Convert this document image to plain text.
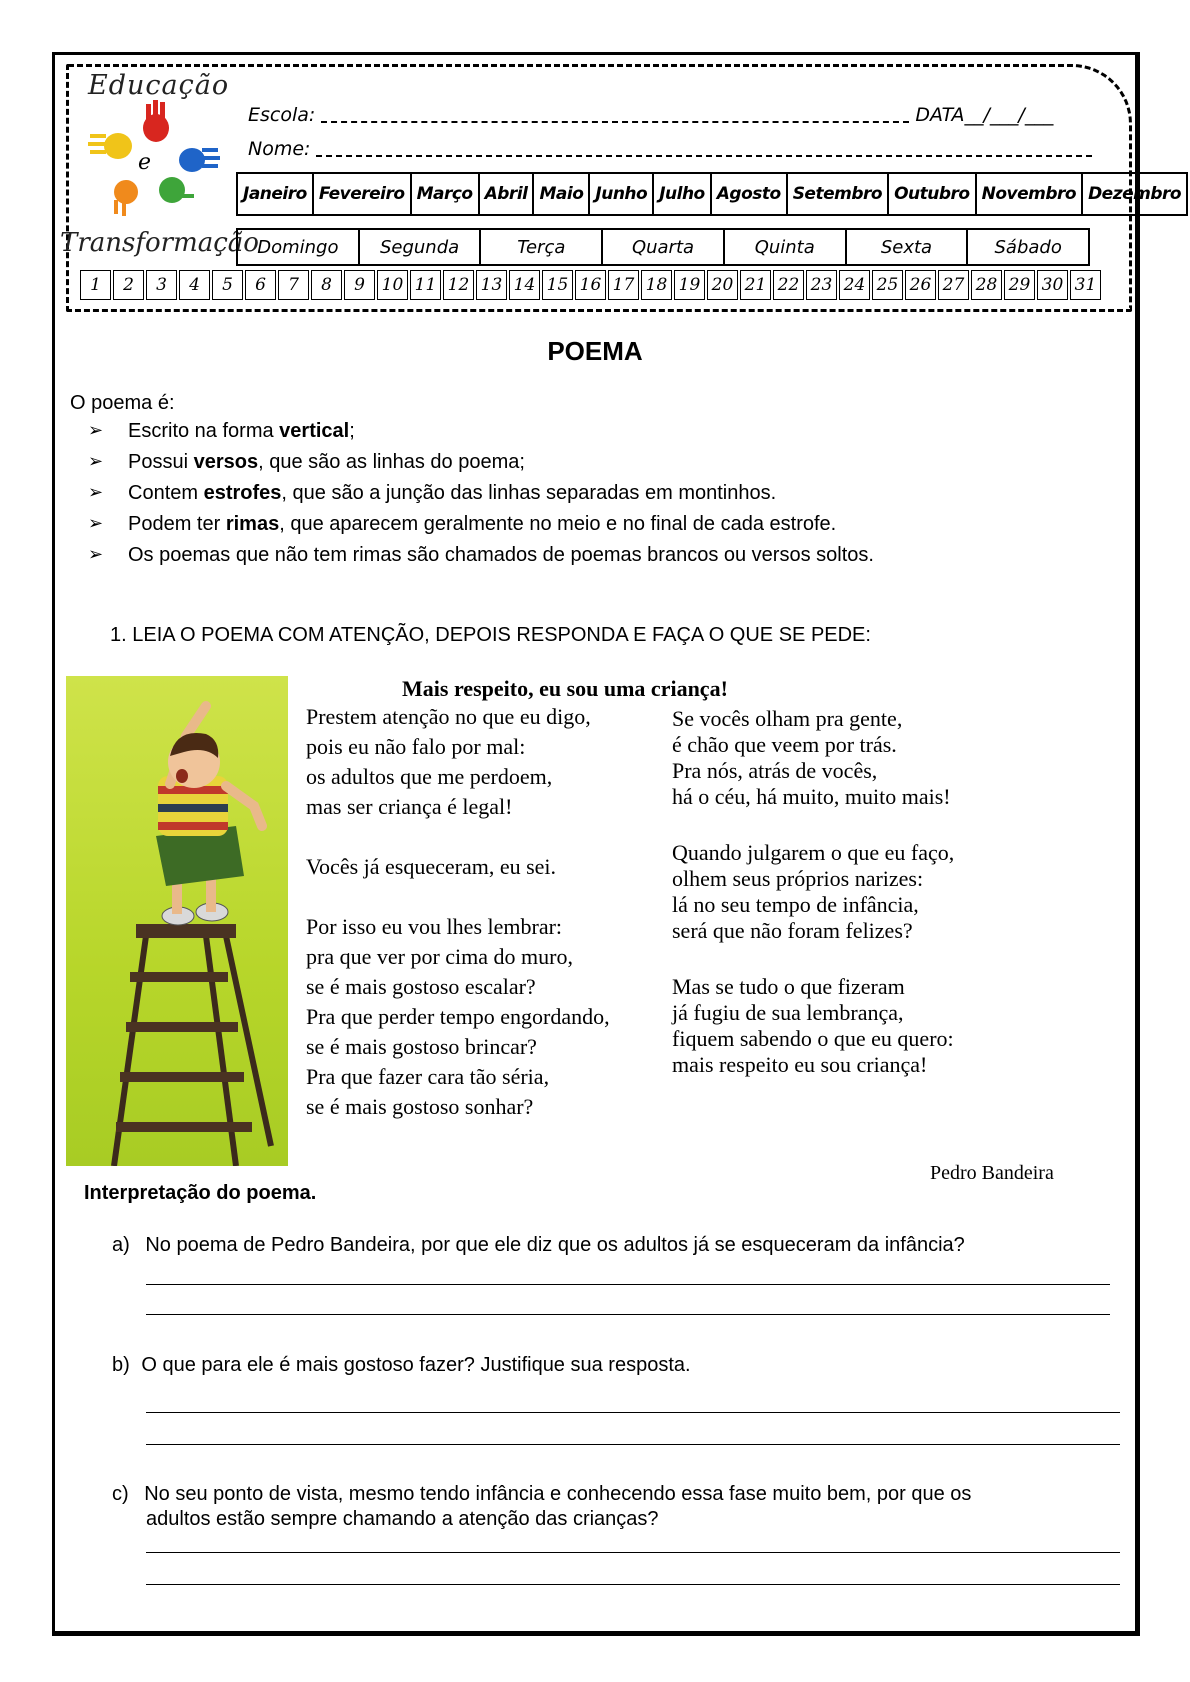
Educação
e
Transformação
Escola:	DATA__/___/___
Nome:
Janeiro Fevereiro Março Abril Maio Junho Julho Agosto Setembro Outubro Novembro Dezembro
Domingo	Segunda	Terça	Quarta	Quinta	Sexta	Sábado
1	2	3	4	5	6	7	8	9 10 11 12 13 14 15 16 17 18 19 20 21 22 23 24 25 26 27 28 29 30 31
POEMA
O poema é:
➢ Escrito na forma vertical;
➢ Possui versos, que são as linhas do poema;
➢ Contem estrofes, que são a junção das linhas separadas em montinhos.
➢ Podem ter rimas, que aparecem geralmente no meio e no final de cada estrofe.
➢ Os poemas que não tem rimas são chamados de poemas brancos ou versos soltos.
1. LEIA O POEMA COM ATENÇÃO, DEPOIS RESPONDA E FAÇA O QUE SE PEDE:
Mais respeito, eu sou uma criança!
Prestem atenção no que eu digo,
pois eu não falo por mal:
os adultos que me perdoem,
mas ser criança é legal!
Vocês já esqueceram, eu sei.
Por isso eu vou lhes lembrar:
pra que ver por cima do muro,
se é mais gostoso escalar?
Pra que perder tempo engordando,
se é mais gostoso brincar?
Pra que fazer cara tão séria,
se é mais gostoso sonhar?
Se vocês olham pra gente,
é chão que veem por trás.
Pra nós, atrás de vocês,
há o céu, há muito, muito mais!
Quando julgarem o que eu faço,
olhem seus próprios narizes:
lá no seu tempo de infância,
será que não foram felizes?
Mas se tudo o que fizeram
já fugiu de sua lembrança,
fiquem sabendo o que eu quero:
mais respeito eu sou criança!
Pedro Bandeira
Interpretação do poema.
a) No poema de Pedro Bandeira, por que ele diz que os adultos já se esqueceram da infância?
b) O que para ele é mais gostoso fazer? Justifique sua resposta.
c) No seu ponto de vista, mesmo tendo infância e conhecendo essa fase muito bem, por que os
adultos estão sempre chamando a atenção das crianças?
